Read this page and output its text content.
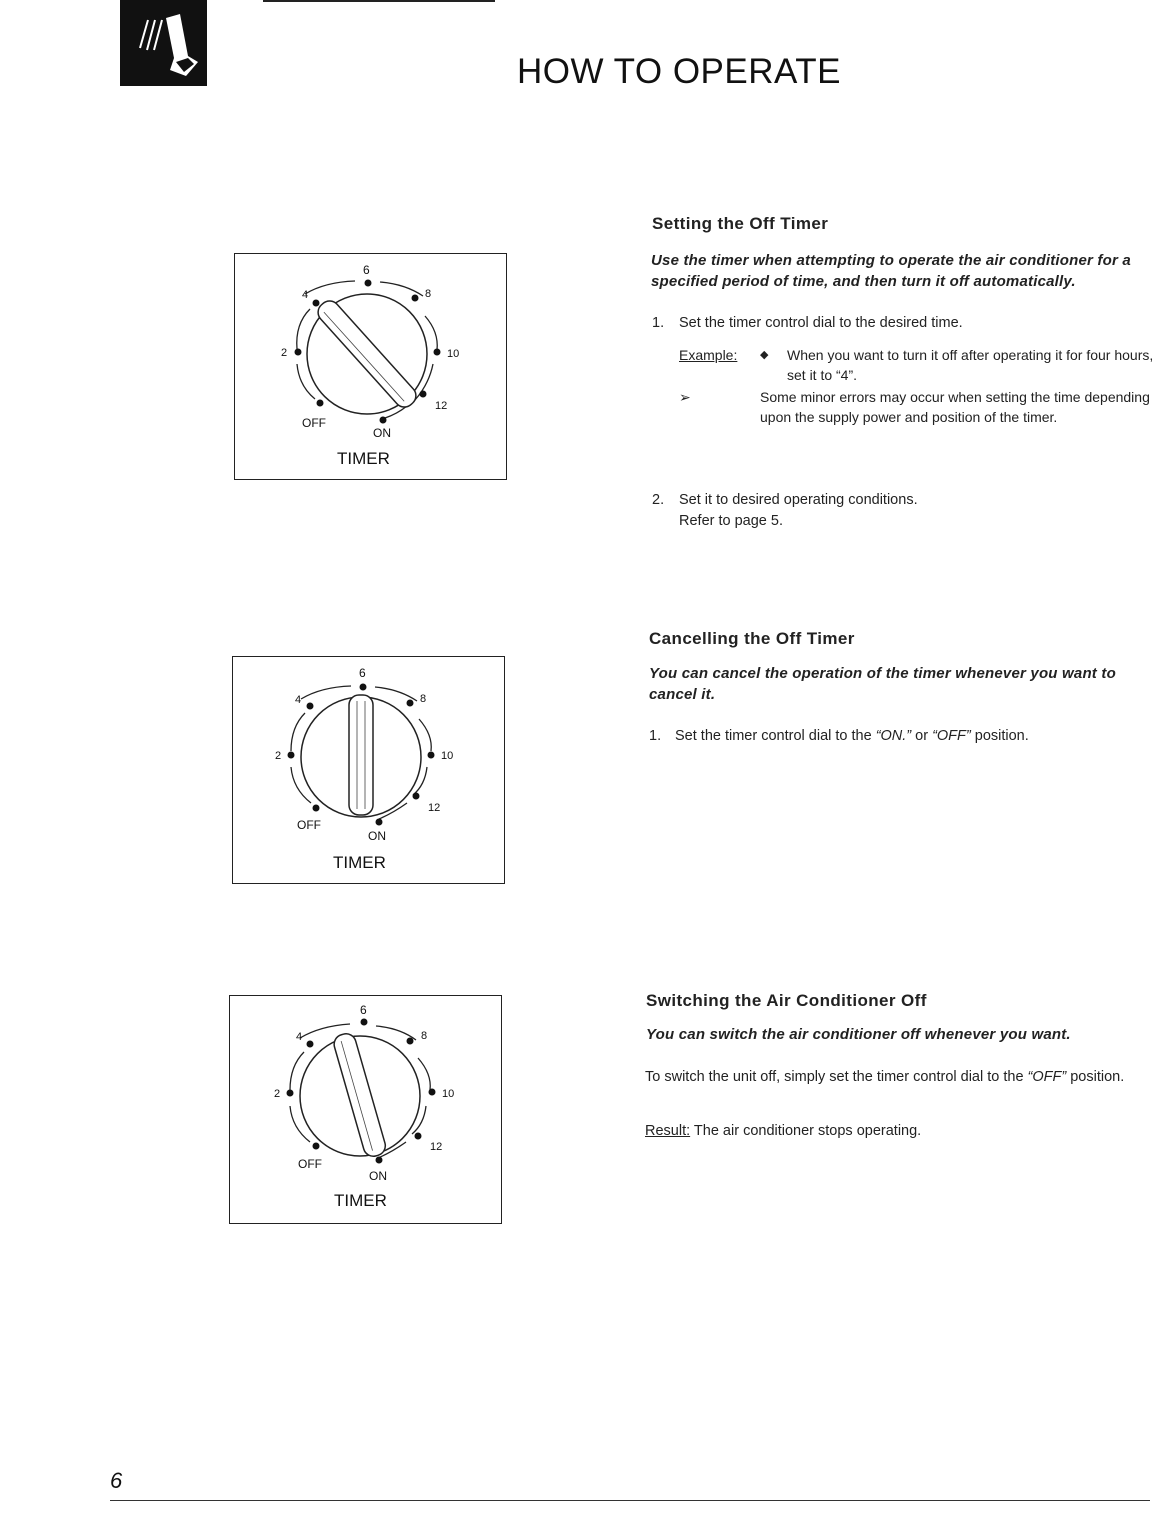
HOW TO OPERATE
6
8
10
12
ON
OFF
2
4
TIMER
6
8
10
12
ON
OFF
2
4
TIMER
6
8
10
12
ON
OFF
2
4
TIMER
Setting the Off Timer
Use the timer when attempting to operate the air conditioner for a specified period of time, and then turn it off automatically.
1. Set the timer control dial to the desired time.
Example: ◆ When you want to turn it off after operating it for four hours, set it to “4”.
➢	Some minor errors may occur when setting the time depending upon the supply power and position of the timer.
2. Set it to desired operating conditions.
Refer to page 5.
Cancelling the Off Timer
You can cancel the operation of the timer whenever you want to cancel it.
1. Set the timer control dial to the “ON.” or “OFF” position.
Switching the Air Conditioner Off
You can switch the air conditioner off whenever you want.
To switch the unit off, simply set the timer control dial to the “OFF” position.
Result: The air conditioner stops operating.
6
